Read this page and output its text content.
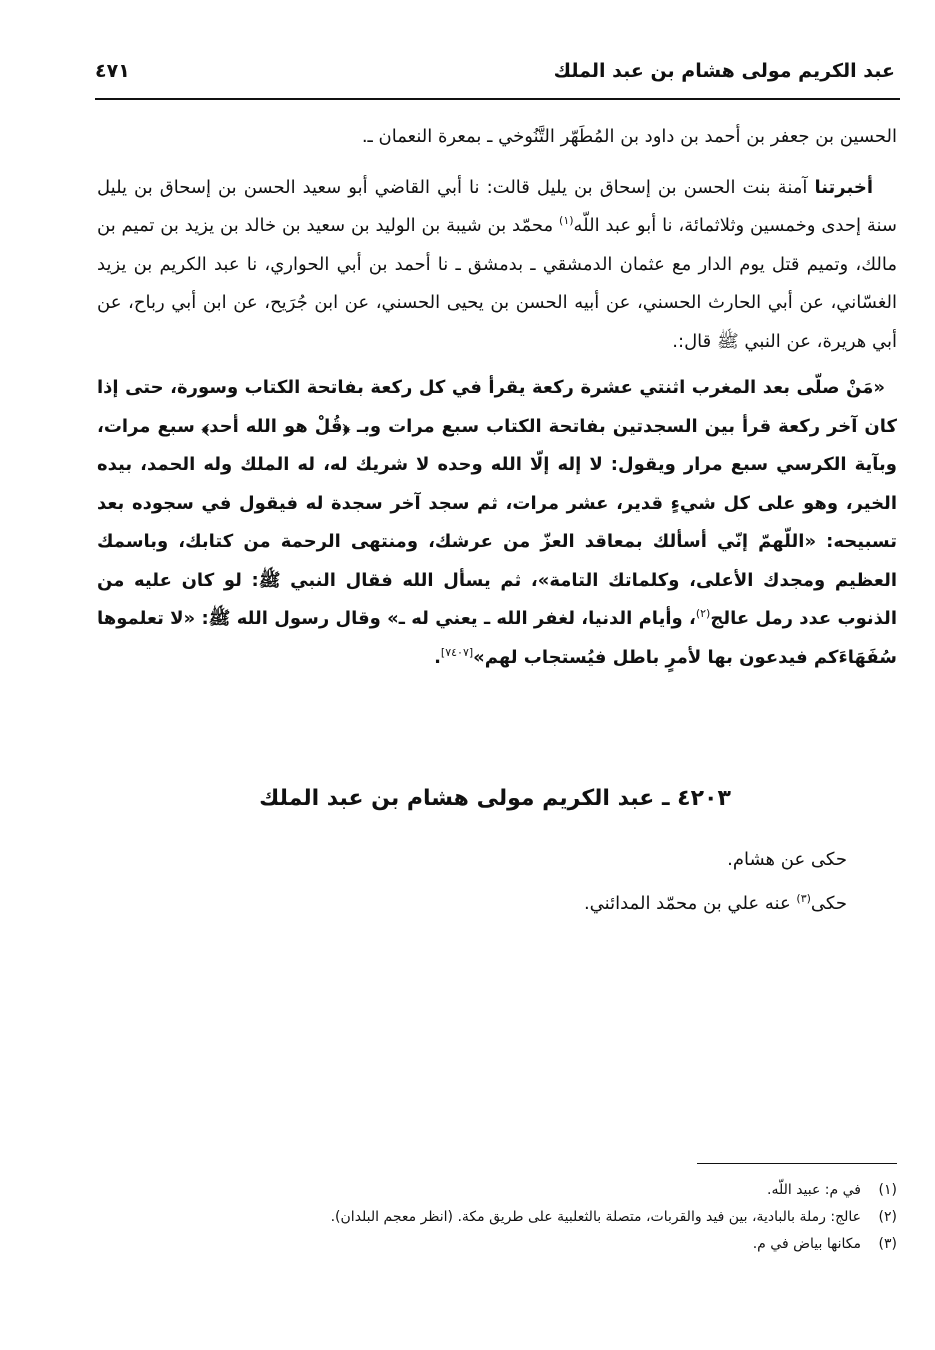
عبد الكريم مولى هشام بن عبد الملك
٤٧١

الحسين بن جعفر بن أحمد بن داود بن المُطَهّر التَّنُوخي ـ بمعرة النعمان ـ.

أخبرتنا آمنة بنت الحسن بن إسحاق بن يليل قالت: نا أبي القاضي أبو سعيد الحسن بن إسحاق بن يليل سنة إحدى وخمسين وثلاثمائة، نا أبو عبد اللّه$^{(١)}$ محمّد بن شيبة بن الوليد بن سعيد بن خالد بن يزيد بن تميم بن مالك، وتميم قتل يوم الدار مع عثمان الدمشقي ـ بدمشق ـ نا أحمد بن أبي الحواري، نا عبد الكريم بن يزيد الغسّاني، عن أبي الحارث الحسني، عن أبيه الحسن بن يحيى الحسني، عن ابن جُرَيح، عن ابن أبي رباح، عن أبي هريرة، عن النبي ﷺ قال:.

«مَنْ صلّى بعد المغرب اثنتي عشرة ركعة يقرأ في كل ركعة بفاتحة الكتاب وسورة، حتى إذا كان آخر ركعة قرأ بين السجدتين بفاتحة الكتاب سبع مرات وبـ ﴿قُلْ هو الله أحد﴾ سبع مرات، وبآية الكرسي سبع مرار ويقول: لا إله إلّا الله وحده لا شريك له، له الملك وله الحمد، بيده الخير، وهو على كل شيءٍ قدير، عشر مرات، ثم سجد آخر سجدة له فيقول في سجوده بعد تسبيحه: «اللّهمّ إنّي أسألك بمعاقد العزّ من عرشك، ومنتهى الرحمة من كتابك، وباسمك العظيم ومجدك الأعلى، وكلماتك التامة»، ثم يسأل الله فقال النبي ﷺ: لو كان عليه من الذنوب عدد رمل عالج$^{(٢)}$، وأيام الدنيا، لغفر الله ـ يعني له ـ» وقال رسول الله ﷺ: «لا تعلموها سُفَهَاءَكم فيدعون بها لأمرٍ باطل فيُستجاب لهم»[٧٤٠٧].

٤٢٠٣ ـ عبد الكريم مولى هشام بن عبد الملك

حكى عن هشام.

حكى$^{(٣)}$ عنه علي بن محمّد المدائني.

(١)
في م: عبيد اللّه.
(٢)
عالج: رملة بالبادية، بين فيد والقربات، متصلة بالثعلبية على طريق مكة. (انظر معجم البلدان).
(٣)
مكانها بياض في م.
